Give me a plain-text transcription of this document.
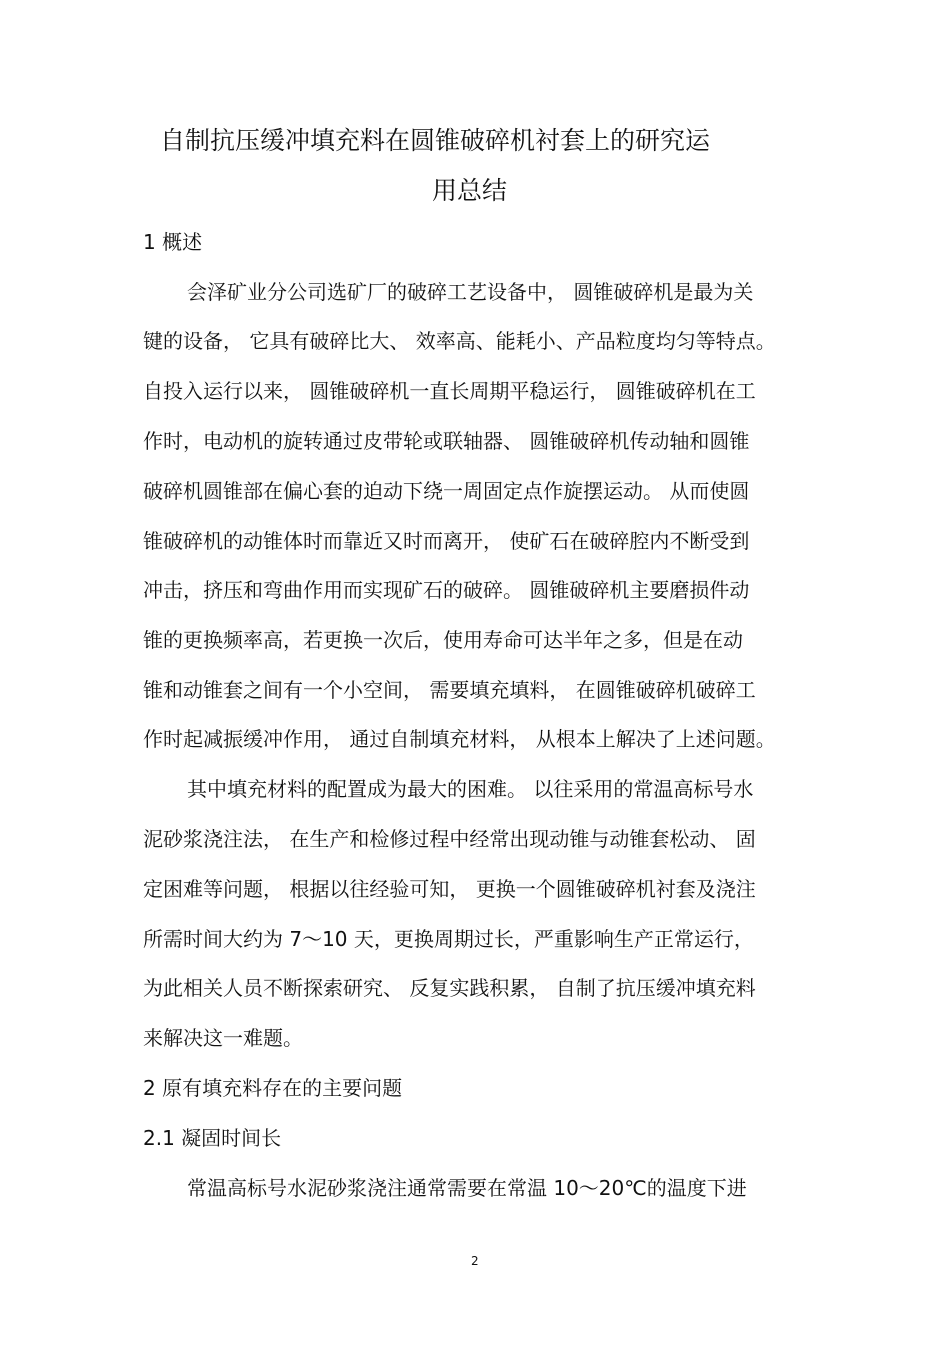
自制抗压缓冲填充料在圆锥破碎机衬套上的研究运
用总结
1 概述
会泽矿业分公司选矿厂的破碎工艺设备中， 圆锥破碎机是最为关
键的设备， 它具有破碎比大、 效率高、能耗小、产品粒度均匀等特点。
自投入运行以来， 圆锥破碎机一直长周期平稳运行， 圆锥破碎机在工
作时，电动机的旋转通过皮带轮或联轴器、 圆锥破碎机传动轴和圆锥
破碎机圆锥部在偏心套的迫动下绕一周固定点作旋摆运动。 从而使圆
锥破碎机的动锥体时而靠近又时而离开， 使矿石在破碎腔内不断受到
冲击，挤压和弯曲作用而实现矿石的破碎。 圆锥破碎机主要磨损件动
锥的更换频率高，若更换一次后，使用寿命可达半年之多，但是在动
锥和动锥套之间有一个小空间， 需要填充填料， 在圆锥破碎机破碎工
作时起减振缓冲作用， 通过自制填充材料， 从根本上解决了上述问题。
其中填充材料的配置成为最大的困难。 以往采用的常温高标号水
泥砂浆浇注法， 在生产和检修过程中经常出现动锥与动锥套松动、 固
定困难等问题， 根据以往经验可知， 更换一个圆锥破碎机衬套及浇注
所需时间大约为 7～10 天，更换周期过长，严重影响生产正常运行，
为此相关人员不断探索研究、 反复实践积累， 自制了抗压缓冲填充料
来解决这一难题。
2 原有填充料存在的主要问题
2.1 凝固时间长
常温高标号水泥砂浆浇注通常需要在常温 10～20℃的温度下进
2
